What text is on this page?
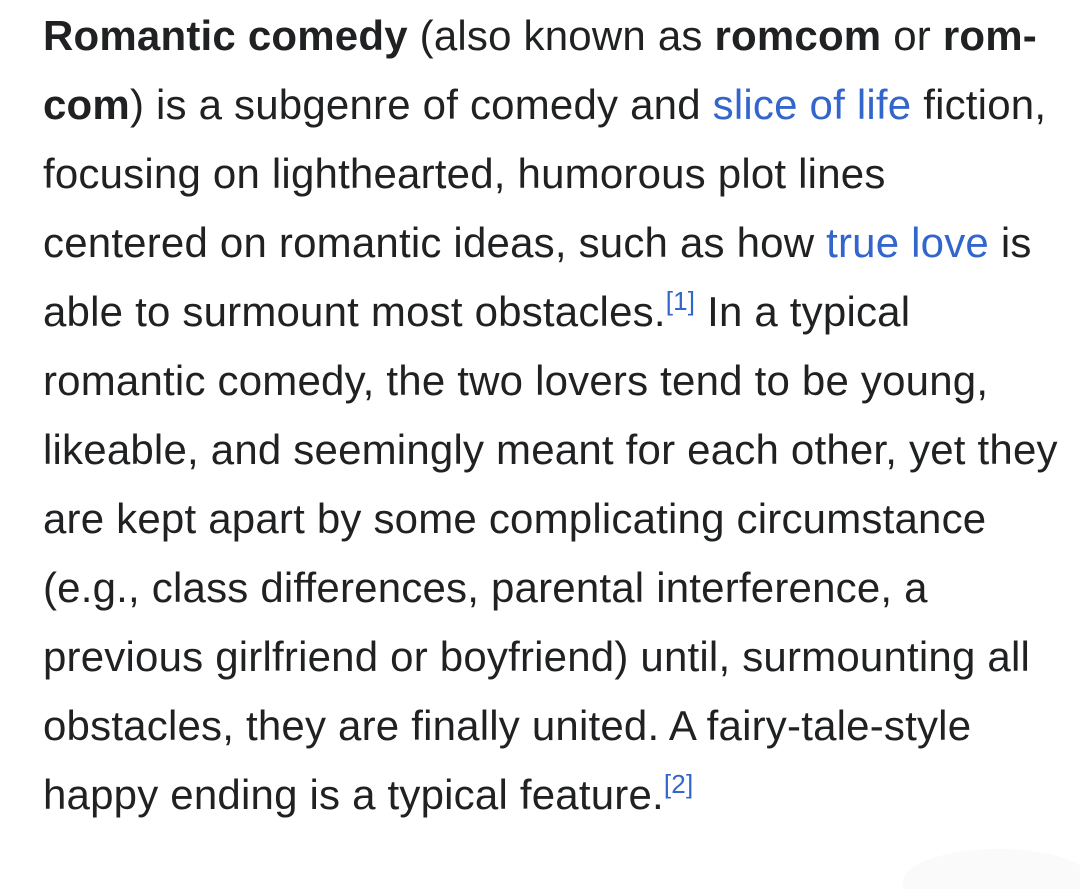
Romantic comedy (also known as romcom or rom-
com) is a subgenre of comedy and slice of life fiction,
focusing on lighthearted, humorous plot lines
centered on romantic ideas, such as how true love is
able to surmount most obstacles.[1] In a typical
romantic comedy, the two lovers tend to be young,
likeable, and seemingly meant for each other, yet they
are kept apart by some complicating circumstance
(e.g., class differences, parental interference, a
previous girlfriend or boyfriend) until, surmounting all
obstacles, they are finally united. A fairy-tale-style
happy ending is a typical feature.[2]
